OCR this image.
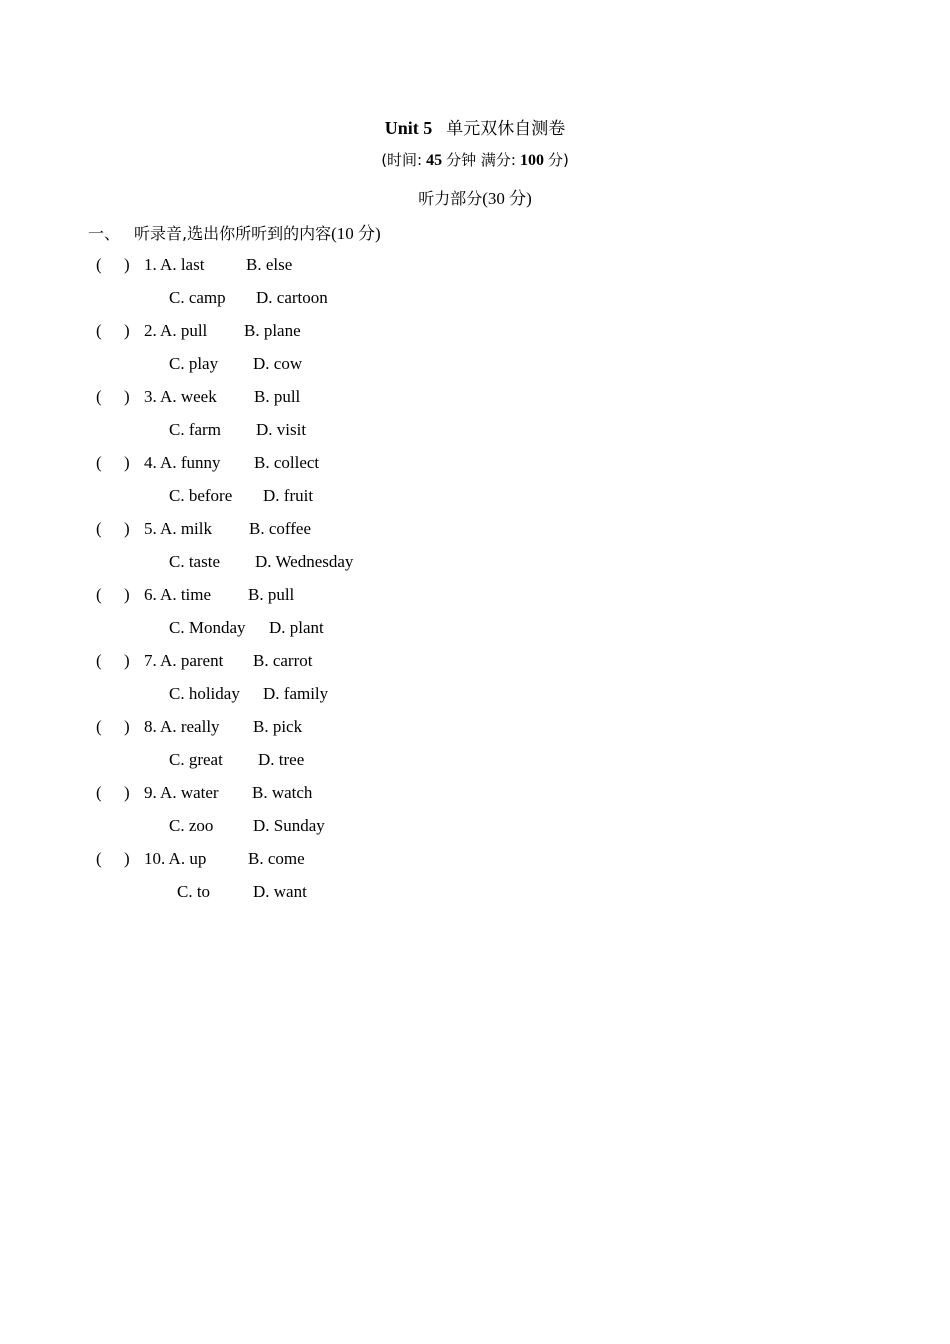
Unit 5 单元双休自测卷
(时间: 45 分钟 满分: 100 分)
听力部分(30 分)
一、 听录音,选出你所听到的内容(10 分)
( ) 1. A. last B. else
C. camp D. cartoon
( ) 2. A. pull B. plane
C. play D. cow
( ) 3. A. week B. pull
C. farm D. visit
( ) 4. A. funny B. collect
C. before D. fruit
( ) 5. A. milk B. coffee
C. taste D. Wednesday
( ) 6. A. time B. pull
C. Monday D. plant
( ) 7. A. parent B. carrot
C. holiday D. family
( ) 8. A. really B. pick
C. great D. tree
( ) 9. A. water B. watch
C. zoo D. Sunday
( ) 10. A. up B. come
C. to	D. want
